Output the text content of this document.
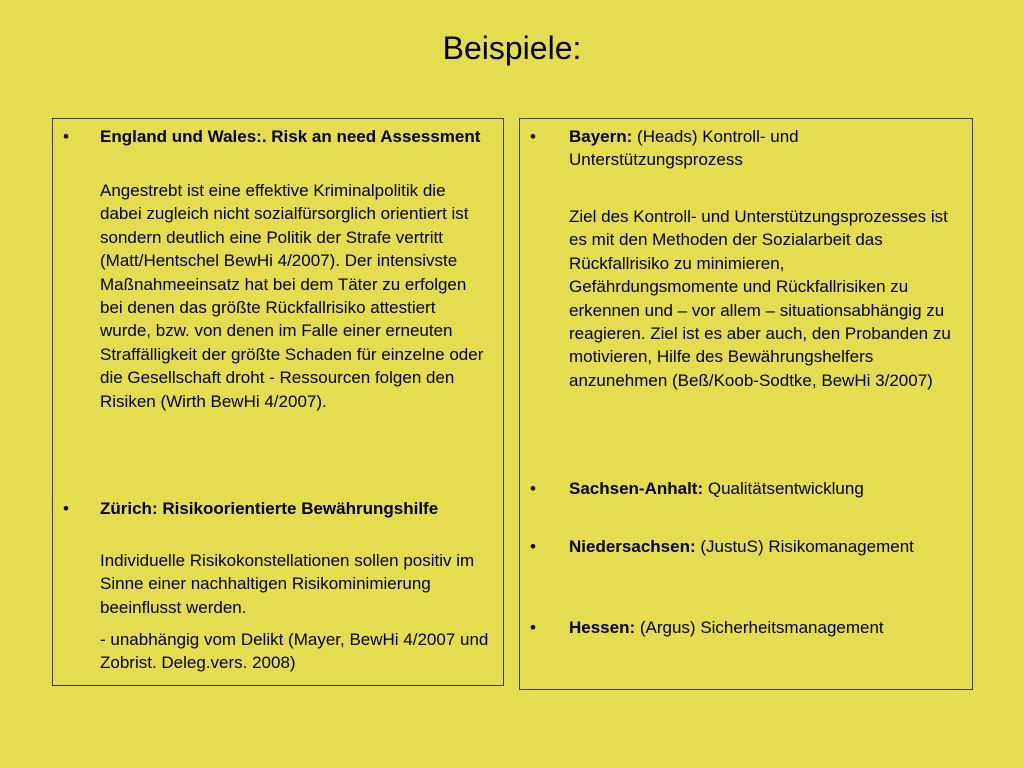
Beispiele:
• England und Wales:. Risk an need Assessment
Angestrebt ist eine effektive Kriminalpolitik die dabei zugleich nicht sozialfürsorglich orientiert ist sondern deutlich eine Politik der Strafe vertritt (Matt/Hentschel BewHi 4/2007). Der intensivste Maßnahmeeinsatz hat bei dem Täter zu erfolgen bei denen das größte Rückfallrisiko attestiert wurde, bzw. von denen im Falle einer erneuten Straffälligkeit der größte Schaden für einzelne oder die Gesellschaft droht - Ressourcen folgen den Risiken (Wirth BewHi 4/2007).
• Zürich: Risikoorientierte Bewährungshilfe
Individuelle Risikokonstellationen sollen positiv im Sinne einer nachhaltigen Risikominimierung beeinflusst werden.
- unabhängig vom Delikt (Mayer, BewHi 4/2007 und Zobrist. Deleg.vers. 2008)
• Bayern: (Heads) Kontroll- und Unterstützungsprozess
Ziel des Kontroll- und Unterstützungsprozesses ist es mit den Methoden der Sozialarbeit das Rückfallrisiko zu minimieren, Gefährdungsmomente und Rückfallrisiken zu erkennen und – vor allem – situationsabhängig zu reagieren. Ziel ist es aber auch, den Probanden zu motivieren, Hilfe des Bewährungshelfers anzunehmen (Beß/Koob-Sodtke, BewHi 3/2007)
• Sachsen-Anhalt: Qualitätsentwicklung
• Niedersachsen: (JustuS) Risikomanagement
• Hessen: (Argus) Sicherheitsmanagement
